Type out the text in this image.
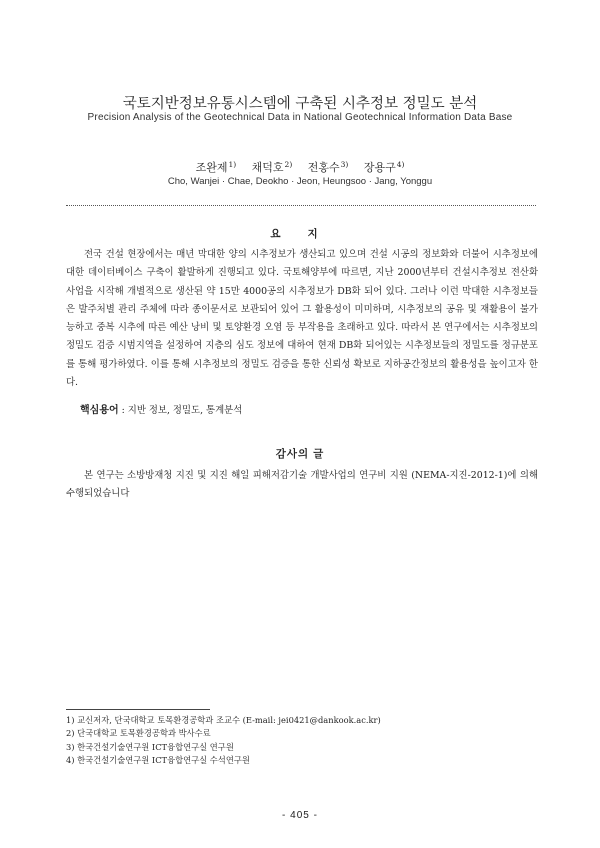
국토지반정보유통시스템에 구축된 시추정보 정밀도 분석
Precision Analysis of the Geotechnical Data in National Geotechnical Information Data Base
조완제$^{1)}$ 채덕호$^{2)}$ 전홍수$^{3)}$ 장용구$^{4)}$
Cho, Wanjei · Chae, Deokho · Jeon, Heungsoo · Jang, Yonggu
요 지

전국 건설 현장에서는 매년 막대한 양의 시추정보가 생산되고 있으며 건설 시공의 정보화와 더불어 시추정보에 대한 데이터베이스 구축이 활발하게 진행되고 있다. 국토해양부에 따르면, 지난 2000년부터 건설시추정보 전산화 사업을 시작해 개별적으로 생산된 약 15만 4000공의 시추정보가 DB화 되어 있다. 그러나 이런 막대한 시추정보들은 발주처별 관리 주체에 따라 종이문서로 보관되어 있어 그 활용성이 미미하며, 시추정보의 공유 및 재활용이 불가능하고 중복 시추에 따른 예산 낭비 및 토양환경 오염 등 부작용을 초래하고 있다. 따라서 본 연구에서는 시추정보의 정밀도 검증 시범지역을 설정하여 지층의 심도 정보에 대하여 현재 DB화 되어있는 시추정보들의 정밀도를 정규분포를 통해 평가하였다. 이를 통해 시추정보의 정밀도 검증을 통한 신뢰성 확보로 지하공간정보의 활용성을 높이고자 한다.

핵심용어 : 지반 정보, 정밀도, 통계분석
감사의 글

본 연구는 소방방재청 지진 및 지진 해일 피해저감기술 개발사업의 연구비 지원 (NEMA-지진-2012-1)에 의해 수행되었습니다

1) 교신저자, 단국대학교 토목환경공학과 조교수 (E-mail: jei0421@dankook.ac.kr)
2) 단국대학교 토목환경공학과 박사수료
3) 한국건설기술연구원 ICT융합연구실 연구원
4) 한국건설기술연구원 ICT융합연구실 수석연구원
- 405 -
